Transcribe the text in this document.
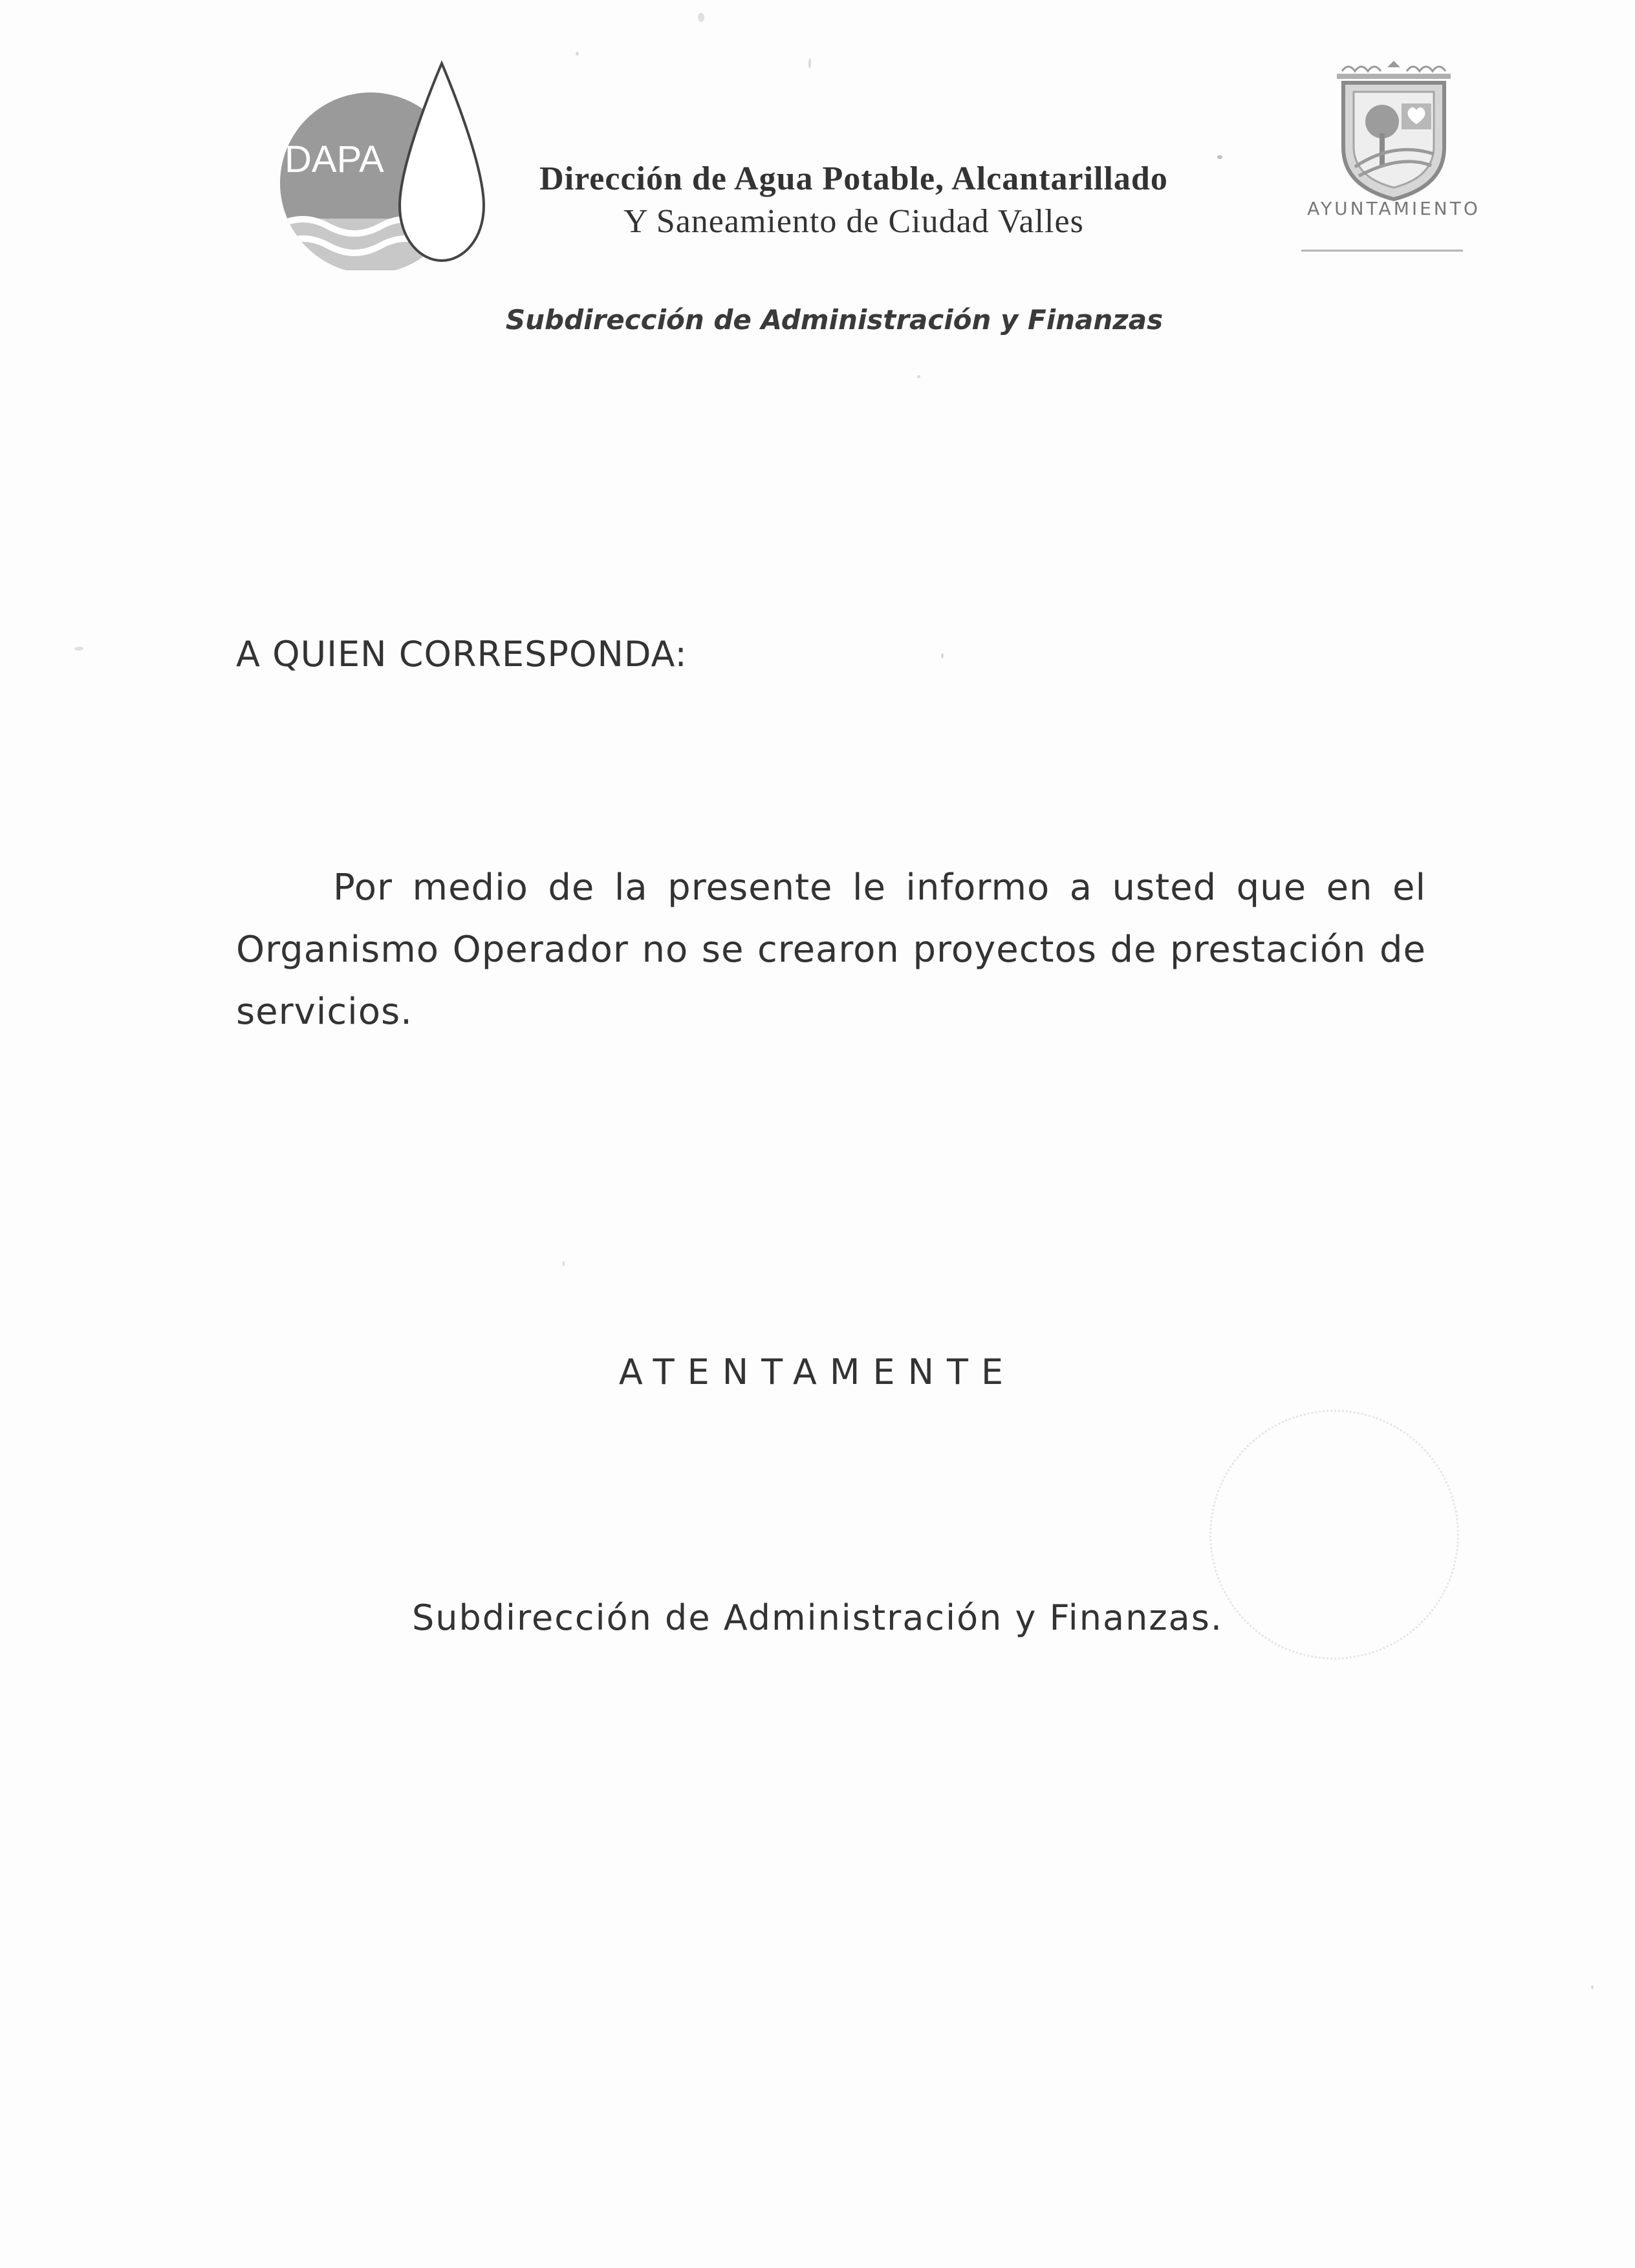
DAPA	Dirección de Agua Potable, Alcantarillado
Y Saneamiento de Ciudad Valles	AYUNTAMIENTO
Subdirección de Administración y Finanzas
A QUIEN CORRESPONDA:
Por medio de la presente le informo a usted que en el Organismo Operador no se crearon proyectos de prestación de servicios.
ATENTAMENTE
Subdirección de Administración y Finanzas.
